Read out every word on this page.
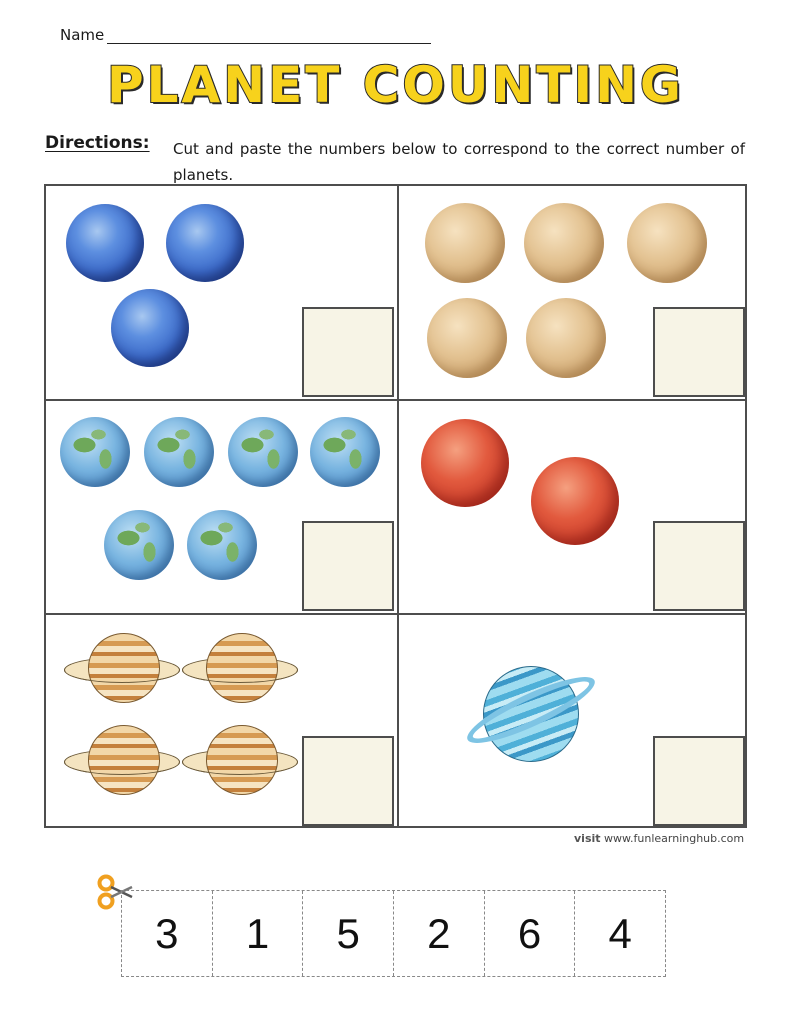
Name
PLANET COUNTING
Directions: Cut and paste the numbers below to correspond to the correct number of planets.
visit www.funlearninghub.com
3	1	5	2	6	4
